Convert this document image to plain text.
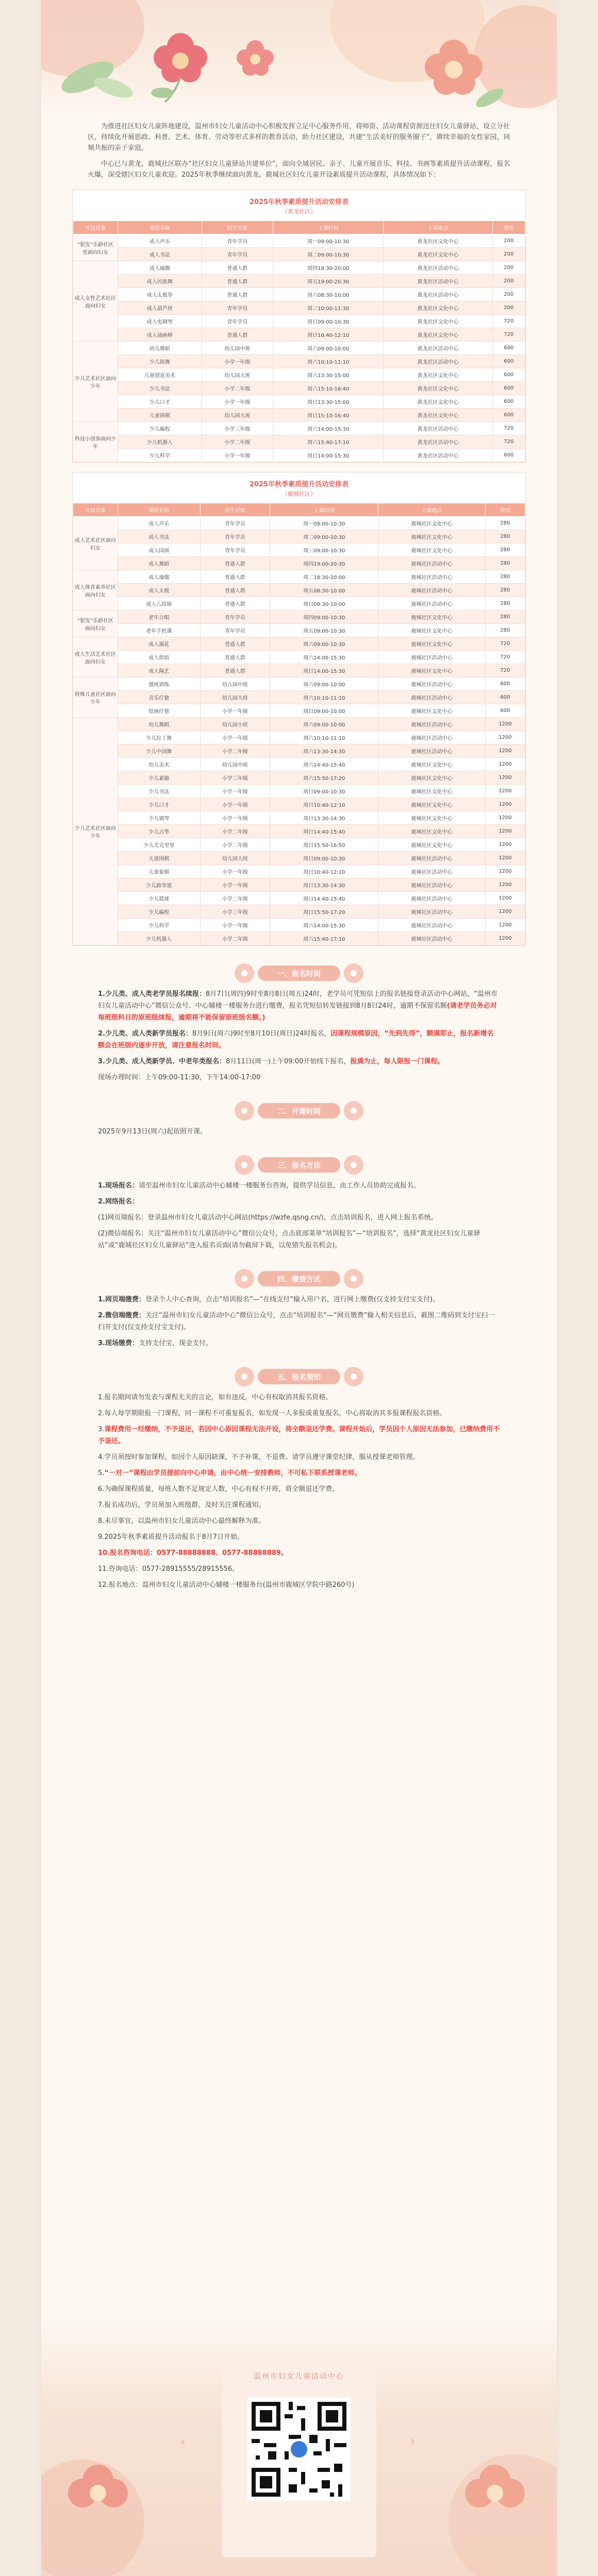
为推进社区妇女儿童阵地建设，温州市妇女儿童活动中心积极发挥立足中心服务作用，将师资、活动课程资源送往妇女儿童驿站，设立分社区，持续化开展思政、科普、艺术、体育、劳动等形式多样的教育活动，助力社区建设，共建“生活美好的服务圈子”，赓续幸福的女性家园，同频共振的亲子家庭。

中心已与黄龙、鹿城社区联办“社区妇女儿童驿站共建单位”，面向全域居民、亲子、儿童开展音乐、科技、书画等素质提升活动课程，报名火爆，深受辖区妇女儿童欢迎。2025年秋季继续面向黄龙、鹿城社区妇女儿童开设素质提升活动课程，具体情况如下：

2025年秋季素质提升活动安排表
（黄龙社区）
开设对象	课程名称	招生对象	上课时间	上课地点	费用
“银发”乐龄社区里面向妇女	成人声乐	青年学员	周一09:00-10:30	黄龙社区文化中心	200
	成人书法	青年学员	周二09:00-10:30	黄龙社区文化中心	200
成人女性艺术社区面向妇女	成人瑜伽	普通人群	周四18:30-20:00	黄龙社区活动中心	200
	成人民族舞	普通人群	周五19:00-20:30	黄龙社区活动中心	200
	成人太极拳	普通人群	周六08:30-10:00	黄龙社区活动中心	200
	成人葫芦丝	青年学员	周三10:00-11:30	黄龙社区文化中心	200
	成人电钢琴	青年学员	周日09:00-10:30	黄龙社区文化中心	720
	成人油画棒	普通人群	周日10:40-12:10	黄龙社区文化中心	720
少儿艺术社区面向少年	幼儿舞蹈	幼儿园中班	周六09:00-10:00	黄龙社区活动中心	600
	少儿街舞	小学一年级	周六10:10-11:10	黄龙社区活动中心	600
	儿童创意美术	幼儿园大班	周六13:30-15:00	黄龙社区文化中心	600
	少儿书法	小学二年级	周六15:10-16:40	黄龙社区文化中心	600
	少儿口才	小学一年级	周日13:30-15:00	黄龙社区文化中心	600
	儿童围棋	幼儿园大班	周日15:10-16:40	黄龙社区文化中心	600
科技小创客面向少年	少儿编程	小学三年级	周六14:00-15:30	黄龙社区活动中心	720
	少儿机器人	小学二年级	周六15:40-17:10	黄龙社区活动中心	720
	少儿科学	小学一年级	周日14:00-15:30	黄龙社区活动中心	600
2025年秋季素质提升活动安排表
（鹿城社区）
开设对象	课程名称	招生对象	上课时间	上课地点	费用
成人艺术社区面向妇女	成人声乐	青年学员	周一09:00-10:30	鹿城社区文化中心	280
	成人书法	青年学员	周二09:00-10:30	鹿城社区文化中心	280
	成人国画	青年学员	周三09:00-10:30	鹿城社区文化中心	280
	成人舞蹈	普通人群	周四19:00-20:30	鹿城社区活动中心	280
成人体育素养社区面向妇女	成人瑜伽	普通人群	周二18:30-20:00	鹿城社区活动中心	280
	成人太极	普通人群	周五08:30-10:00	鹿城社区活动中心	280
	成人八段锦	普通人群	周日08:30-10:00	鹿城社区活动中心	280
“银发”乐龄社区面向妇女	老年合唱	青年学员	周四09:00-10:30	鹿城社区文化中心	280
	老年手机课	青年学员	周五09:00-10:30	鹿城社区文化中心	280
成人生活艺术社区面向妇女	成人插花	普通人群	周六09:00-10:30	鹿城社区文化中心	720
	成人烘焙	普通人群	周六14:00-15:30	鹿城社区活动中心	720
	成人陶艺	普通人群	周日14:00-15:30	鹿城社区文化中心	720
特殊儿童社区面向少年	感统训练	幼儿园中班	周六09:00-10:00	鹿城社区活动中心	600
	音乐疗愈	幼儿园大班	周六10:10-11:10	鹿城社区活动中心	600
	绘画疗愈	小学一年级	周日09:00-10:00	鹿城社区文化中心	600
少儿艺术社区面向少年	幼儿舞蹈	幼儿园小班	周六09:00-10:00	鹿城社区活动中心	1200
	少儿拉丁舞	小学一年级	周六10:10-11:10	鹿城社区活动中心	1200
	少儿中国舞	小学二年级	周六13:30-14:30	鹿城社区活动中心	1200
	幼儿美术	幼儿园中班	周六14:40-15:40	鹿城社区文化中心	1200
	少儿素描	小学三年级	周六15:50-17:20	鹿城社区文化中心	1200
	少儿书法	小学一年级	周日09:00-10:30	鹿城社区文化中心	1200
	少儿口才	小学一年级	周日10:40-12:10	鹿城社区文化中心	1200
	少儿钢琴	小学一年级	周日13:30-14:30	鹿城社区文化中心	1200
	少儿古筝	小学二年级	周日14:40-15:40	鹿城社区文化中心	1200
	少儿尤克里里	小学二年级	周日15:50-16:50	鹿城社区文化中心	1200
	儿童围棋	幼儿园大班	周日09:00-10:30	鹿城社区活动中心	1200
	儿童象棋	小学一年级	周日10:40-12:10	鹿城社区活动中心	1200
	少儿跆拳道	小学一年级	周日13:30-14:30	鹿城社区活动中心	1200
	少儿篮球	小学二年级	周日14:40-15:40	鹿城社区活动中心	1200
	少儿编程	小学三年级	周日15:50-17:20	鹿城社区活动中心	1200
	少儿科学	小学一年级	周六14:00-15:30	鹿城社区活动中心	1200
	少儿机器人	小学二年级	周六15:40-17:10	鹿城社区活动中心	1200
一、报名时间

1.少儿类、成人类老学员报名续报：8月7日(周四)9时至8月8日(周五)24时，老学员可凭短信上的报名链接登录活动中心网站，“温州市妇女儿童活动中心”微信公众号、中心辅楼一楼服务台进行缴费，报名凭短信转发链接到8月8日24时，逾期不保留名额(请老学员务必对每班级科目的原班级续报，逾期将不能保留原班级名额。)

2.少儿类、成人类新学员报名：8月9日(周六)9时至8月10日(周日)24时报名，因课程规模原因，“先到先得”，额满即止，报名新增名额会在班级内逐步开放，请注意报名时间。

3.少儿类、成人类新学员、中老年类报名：8月11日(周一)上午09:00开始线下报名，报满为止，每人限报一门课程。

现场办理时间：上午09:00-11:30，下午14:00-17:00

二、开课时间

2025年9月13日(周六)起依照开课。

三、报名方法

1.现场报名：请至温州市妇女儿童活动中心辅楼一楼服务台咨询，提供学员信息，由工作人员协助完成报名。

2.网络报名：

(1)网页端报名：登录温州市妇女儿童活动中心网站(https://wzfe.qsng.cn/)，点击培训报名，进入网上报名系统。

(2)微信端报名：关注“温州市妇女儿童活动中心”微信公众号，点击底部菜单“培训报名”—“培训报名”，选择“黄龙社区妇女儿童驿站”或“鹿城社区妇女儿童驿站”进入报名页面(请勿截屏下载，以免错失报名机会)。

四、缴费方式

1.网页端缴费：登录个人中心查询，点击“培训报名”—“在线支付”输入用户名，进行网上缴费(仅支持支付宝支付)。

2.微信端缴费：关注“温州市妇女儿童活动中心”微信公众号，点击“培训报名”—“网页缴费”输入相关信息后，截图二维码到支付宝扫一扫并支付(仅支持支付宝支付)。

3.现场缴费：支持支付宝、现金支付。

五、报名须知

1.报名期间请勿发表与课程无关的言论，如有违反，中心有权取消其报名资格。

2.每人每学期限报一门课程，同一课程不可重复报名，如发现一人多报或重复报名，中心将取消其多报课程报名资格。

3.课程费用一经缴纳，不予退还，若因中心原因课程无法开设，将全额退还学费。课程开始后，学员因个人原因无法参加，已缴纳费用不予退还。

4.学员须按时参加课程，如因个人原因缺课，不予补课，不退费。请学员遵守课堂纪律，服从授课老师管理。

5.“一对一”课程由学员提前向中心申请，由中心统一安排教师，不可私下联系授课老师。

6.为确保课程质量，每班人数不足规定人数，中心有权不开班，将全额退还学费。

7.报名成功后，学员须加入班级群，及时关注课程通知。

8.未尽事宜，以温州市妇女儿童活动中心最终解释为准。

9.2025年秋季素质提升活动报名于8月7日开始。

10.报名咨询电话：0577-88888888、0577-88888889。

11.咨询电话：0577-28915555/28915556。

12.报名地点：温州市妇女儿童活动中心辅楼一楼服务台(温州市鹿城区学院中路260号)

‹	›
温州市妇女儿童活动中心
